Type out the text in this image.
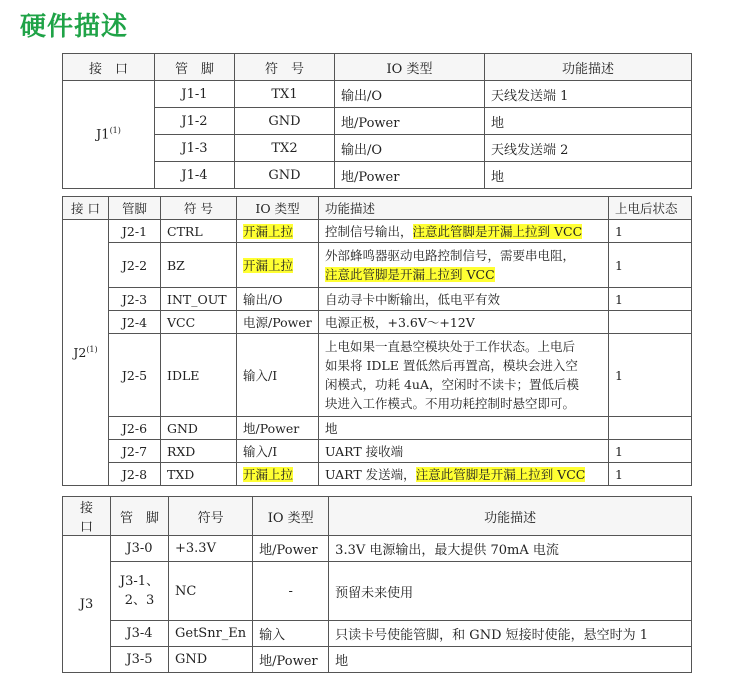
硬件描述
接　口	管　脚	符　号	IO 类型	功能描述
J1$^{(1)}$	J1-1	TX1	输出/O	天线发送端 1
	J1-2	GND	地/Power	地
	J1-3	TX2	输出/O	天线发送端 2
	J1-4	GND	地/Power	地
接 口	管脚	符 号	IO 类型	功能描述	上电后状态
J2$^{(1)}$	J2-1	CTRL	开漏上拉	控制信号输出，注意此管脚是开漏上拉到 VCC	1
	J2-2	BZ	开漏上拉	外部蜂鸣器驱动电路控制信号，需要串电阻，
注意此管脚是开漏上拉到 VCC	1
	J2-3	INT_OUT	输出/O	自动寻卡中断输出，低电平有效	1
	J2-4	VCC	电源/Power	电源正极，+3.6V～+12V	
	J2-5	IDLE	输入/I	上电如果一直悬空模块处于工作状态。上电后
如果将 IDLE 置低然后再置高，模块会进入空
闲模式，功耗 4uA，空闲时不读卡；置低后模
块进入工作模式。不用功耗控制时悬空即可。	1
	J2-6	GND	地/Power	地	
	J2-7	RXD	输入/I	UART 接收端	1
	J2-8	TXD	开漏上拉	UART 发送端，注意此管脚是开漏上拉到 VCC	1
接　口	管　脚	符号	IO 类型	功能描述
J3	J3-0	+3.3V	地/Power	3.3V 电源输出，最大提供 70mA 电流
	J3-1、
2、3	NC	-	预留未来使用
	J3-4	GetSnr_En	输入	只读卡号使能管脚，和 GND 短接时使能，悬空时为 1
	J3-5	GND	地/Power	地
